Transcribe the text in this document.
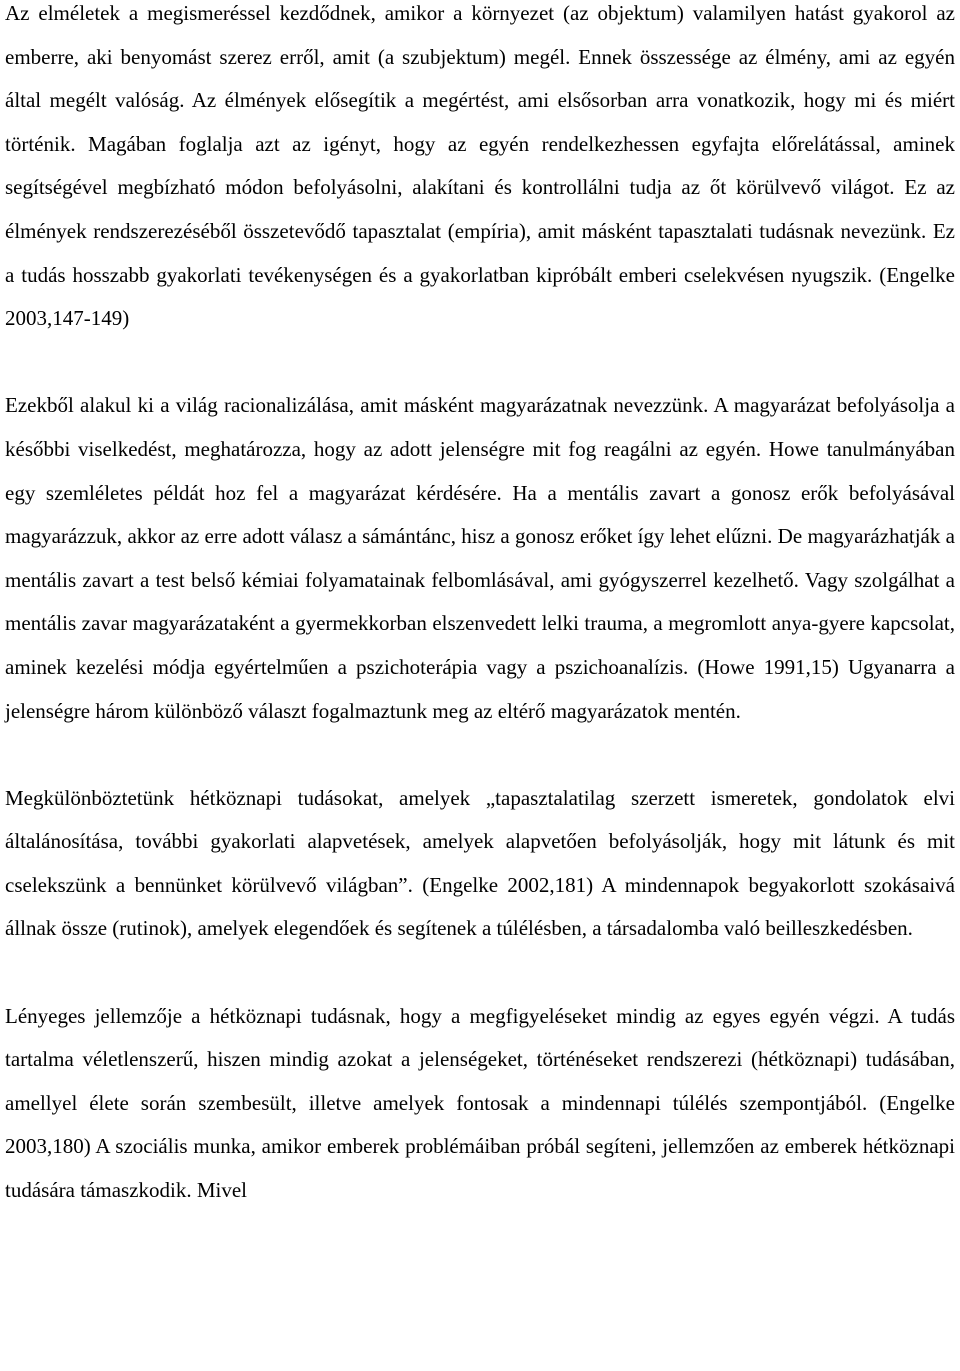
Az elméletek a megismeréssel kezdődnek, amikor a környezet (az objektum) valamilyen hatást gyakorol az emberre, aki benyomást szerez erről, amit (a szubjektum) megél. Ennek összessége az élmény, ami az egyén által megélt valóság. Az élmények elősegítik a megértést, ami elsősorban arra vonatkozik, hogy mi és miért történik. Magában foglalja azt az igényt, hogy az egyén rendelkezhessen egyfajta előrelátással, aminek segítségével megbízható módon befolyásolni, alakítani és kontrollálni tudja az őt körülvevő világot. Ez az élmények rendszerezéséből összetevődő tapasztalat (empíria), amit másként tapasztalati tudásnak nevezünk. Ez a tudás hosszabb gyakorlati tevékenységen és a gyakorlatban kipróbált emberi cselekvésen nyugszik. (Engelke 2003,147-149)

Ezekből alakul ki a világ racionalizálása, amit másként magyarázatnak nevezzünk. A magyarázat befolyásolja a későbbi viselkedést, meghatározza, hogy az adott jelenségre mit fog reagálni az egyén. Howe tanulmányában egy szemléletes példát hoz fel a magyarázat kérdésére. Ha a mentális zavart a gonosz erők befolyásával magyarázzuk, akkor az erre adott válasz a sámántánc, hisz a gonosz erőket így lehet elűzni. De magyarázhatják a mentális zavart a test belső kémiai folyamatainak felbomlásával, ami gyógyszerrel kezelhető. Vagy szolgálhat a mentális zavar magyarázataként a gyermekkorban elszenvedett lelki trauma, a megromlott anya-gyere kapcsolat, aminek kezelési módja egyértelműen a pszichoterápia vagy a pszichoanalízis. (Howe 1991,15) Ugyanarra a jelenségre három különböző választ fogalmaztunk meg az eltérő magyarázatok mentén.

Megkülönböztetünk hétköznapi tudásokat, amelyek „tapasztalatilag szerzett ismeretek, gondolatok elvi általánosítása, további gyakorlati alapvetések, amelyek alapvetően befolyásolják, hogy mit látunk és mit cselekszünk a bennünket körülvevő világban”. (Engelke 2002,181) A mindennapok begyakorlott szokásaivá állnak össze (rutinok), amelyek elegendőek és segítenek a túlélésben, a társadalomba való beilleszkedésben.

Lényeges jellemzője a hétköznapi tudásnak, hogy a megfigyeléseket mindig az egyes egyén végzi. A tudás tartalma véletlenszerű, hiszen mindig azokat a jelenségeket, történéseket rendszerezi (hétköznapi) tudásában, amellyel élete során szembesült, illetve amelyek fontosak a mindennapi túlélés szempontjából. (Engelke 2003,180) A szociális munka, amikor emberek problémáiban próbál segíteni, jellemzően az emberek hétköznapi tudására támaszkodik. Mivel
